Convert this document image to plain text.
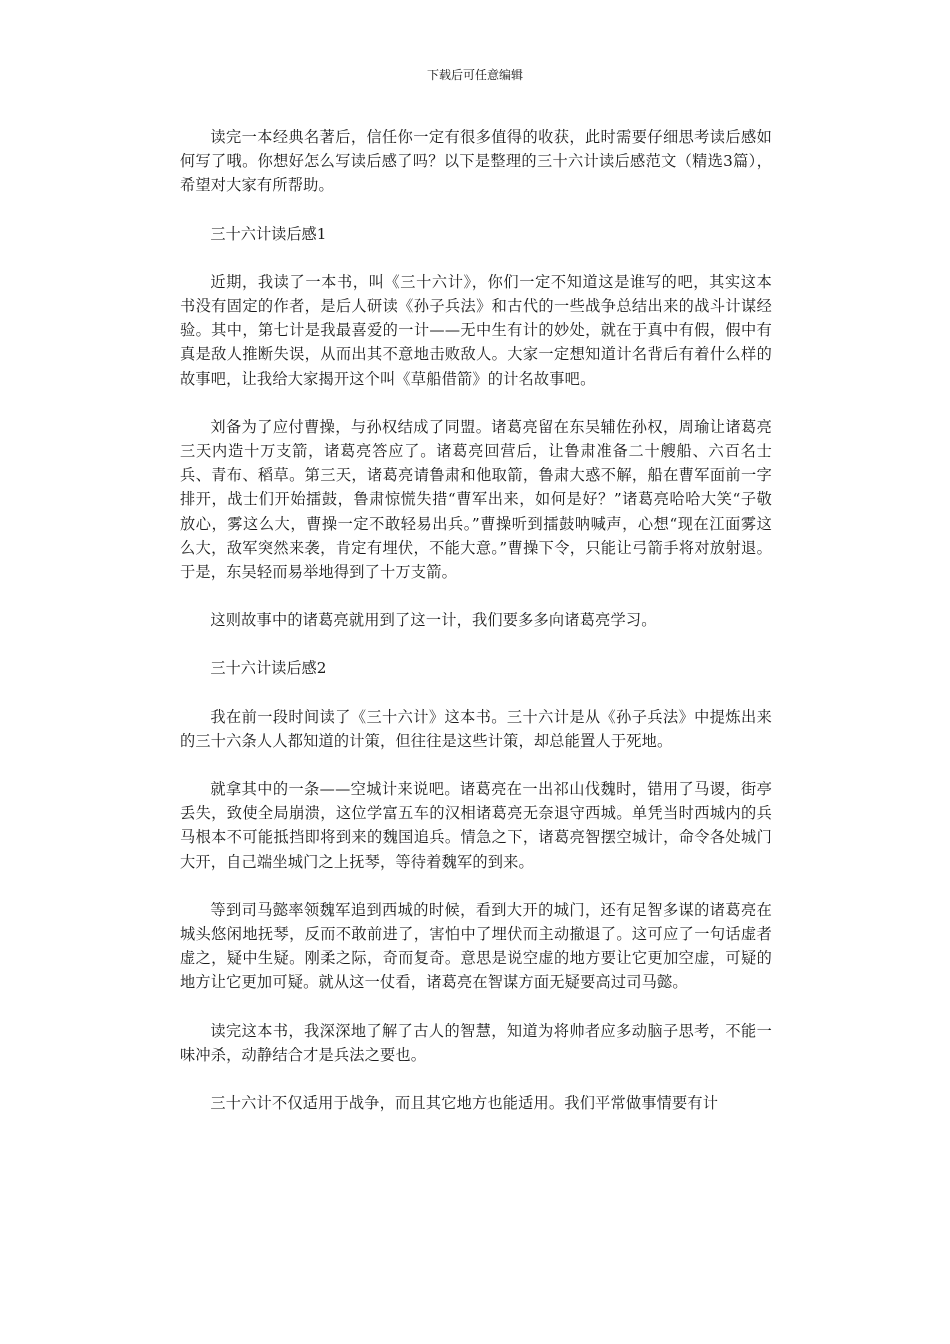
下载后可任意编辑

读完一本经典名著后，信任你一定有很多值得的收获，此时需要仔细思考读后感如何写了哦。你想好怎么写读后感了吗？以下是整理的三十六计读后感范文（精选3篇），希望对大家有所帮助。

三十六计读后感1

近期，我读了一本书，叫《三十六计》，你们一定不知道这是谁写的吧，其实这本书没有固定的作者，是后人研读《孙子兵法》和古代的一些战争总结出来的战斗计谋经验。其中，第七计是我最喜爱的一计——无中生有计的妙处，就在于真中有假，假中有真是敌人推断失误，从而出其不意地击败敌人。大家一定想知道计名背后有着什么样的故事吧，让我给大家揭开这个叫《草船借箭》的计名故事吧。

刘备为了应付曹操，与孙权结成了同盟。诸葛亮留在东吴辅佐孙权，周瑜让诸葛亮三天内造十万支箭，诸葛亮答应了。诸葛亮回营后，让鲁肃准备二十艘船、六百名士兵、青布、稻草。第三天，诸葛亮请鲁肃和他取箭，鲁肃大惑不解，船在曹军面前一字排开，战士们开始擂鼓，鲁肃惊慌失措“曹军出来，如何是好？”诸葛亮哈哈大笑“子敬放心，雾这么大，曹操一定不敢轻易出兵。”曹操听到擂鼓呐喊声，心想“现在江面雾这么大，敌军突然来袭，肯定有埋伏，不能大意。”曹操下令，只能让弓箭手将对放射退。于是，东吴轻而易举地得到了十万支箭。

这则故事中的诸葛亮就用到了这一计，我们要多多向诸葛亮学习。

三十六计读后感2

我在前一段时间读了《三十六计》这本书。三十六计是从《孙子兵法》中提炼出来的三十六条人人都知道的计策，但往往是这些计策，却总能置人于死地。

就拿其中的一条——空城计来说吧。诸葛亮在一出祁山伐魏时，错用了马谡，街亭丢失，致使全局崩溃，这位学富五车的汉相诸葛亮无奈退守西城。单凭当时西城内的兵马根本不可能抵挡即将到来的魏国追兵。情急之下，诸葛亮智摆空城计，命令各处城门大开，自己端坐城门之上抚琴，等待着魏军的到来。

等到司马懿率领魏军追到西城的时候，看到大开的城门，还有足智多谋的诸葛亮在城头悠闲地抚琴，反而不敢前进了，害怕中了埋伏而主动撤退了。这可应了一句话虚者虚之，疑中生疑。刚柔之际，奇而复奇。意思是说空虚的地方要让它更加空虚，可疑的地方让它更加可疑。就从这一仗看，诸葛亮在智谋方面无疑要高过司马懿。

读完这本书，我深深地了解了古人的智慧，知道为将帅者应多动脑子思考，不能一味冲杀，动静结合才是兵法之要也。

三十六计不仅适用于战争，而且其它地方也能适用。我们平常做事情要有计
